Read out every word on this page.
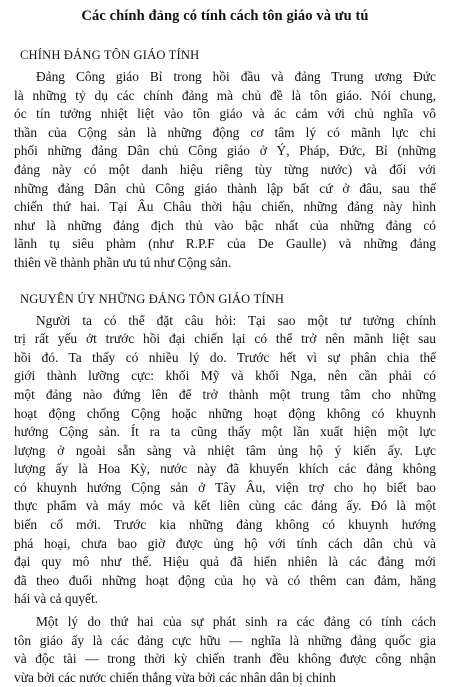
Các chính đảng có tính cách tôn giáo và ưu tú
CHÍNH ĐẢNG TÔN GIÁO TÍNH

Đảng Công giáo Bỉ trong hồi đầu và đảng Trung ương Đức
là những tỷ dụ các chính đảng mà chủ đề là tôn giáo. Nói chung,
óc tín tưởng nhiệt liệt vào tôn giáo và ác cảm với chủ nghĩa vô
thần của Cộng sản là những động cơ tâm lý có mãnh lực chi
phối những đảng Dân chủ Công giáo ở Ý, Pháp, Đức, Bỉ (những
đảng này có một danh hiệu riêng tùy từng nước) và đối với
những đảng Dân chủ Công giáo thành lập bất cứ ở đâu, sau thế
chiến thứ hai. Tại Âu Châu thời hậu chiến, những đảng này hình
như là những đảng địch thủ vào bậc nhất của những đảng có
lãnh tụ siêu phàm (như R.P.F của De Gaulle) và những đảng
thiên về thành phần ưu tú như Cộng sản.

NGUYÊN ỦY NHỮNG ĐẢNG TÔN GIÁO TÍNH

Người ta có thể đặt câu hỏi: Tại sao một tư tưởng chính
trị rất yếu ớt trước hồi đại chiến lại có thể trở nên mãnh liệt sau
hồi đó. Ta thấy có nhiều lý do. Trước hết vì sự phân chia thế
giới thành lưỡng cực: khối Mỹ và khối Nga, nên cần phải có
một đảng nào đứng lên để trở thành một trung tâm cho những
hoạt động chống Cộng hoặc những hoạt động không có khuynh
hướng Cộng sản. Ít ra ta cũng thấy một lần xuất hiện một lực
lượng ở ngoài sẵn sàng và nhiệt tâm ủng hộ ý kiến ấy. Lực
lượng ấy là Hoa Kỳ, nước này đã khuyến khích các đảng không
có khuynh hướng Cộng sản ở Tây Âu, viện trợ cho họ biết bao
thực phẩm và máy móc và kết liên cùng các đảng ấy. Đó là một
biến cố mới. Trước kia những đảng không có khuynh hướng
phá hoại, chưa bao giờ được ủng hộ với tính cách dân chủ và
đại quy mô như thế. Hiệu quả đã hiển nhiên là các đảng mới
đã theo đuổi những hoạt động của họ và có thêm can đảm, hăng
hái và cả quyết.

Một lý do thứ hai của sự phát sinh ra các đảng có tính cách
tôn giáo ấy là các đảng cực hữu — nghĩa là những đảng quốc gia
và độc tài — trong thời kỳ chiến tranh đều không được công nhận
vừa bởi các nước chiến thắng vừa bởi các nhân dân bị chinh
